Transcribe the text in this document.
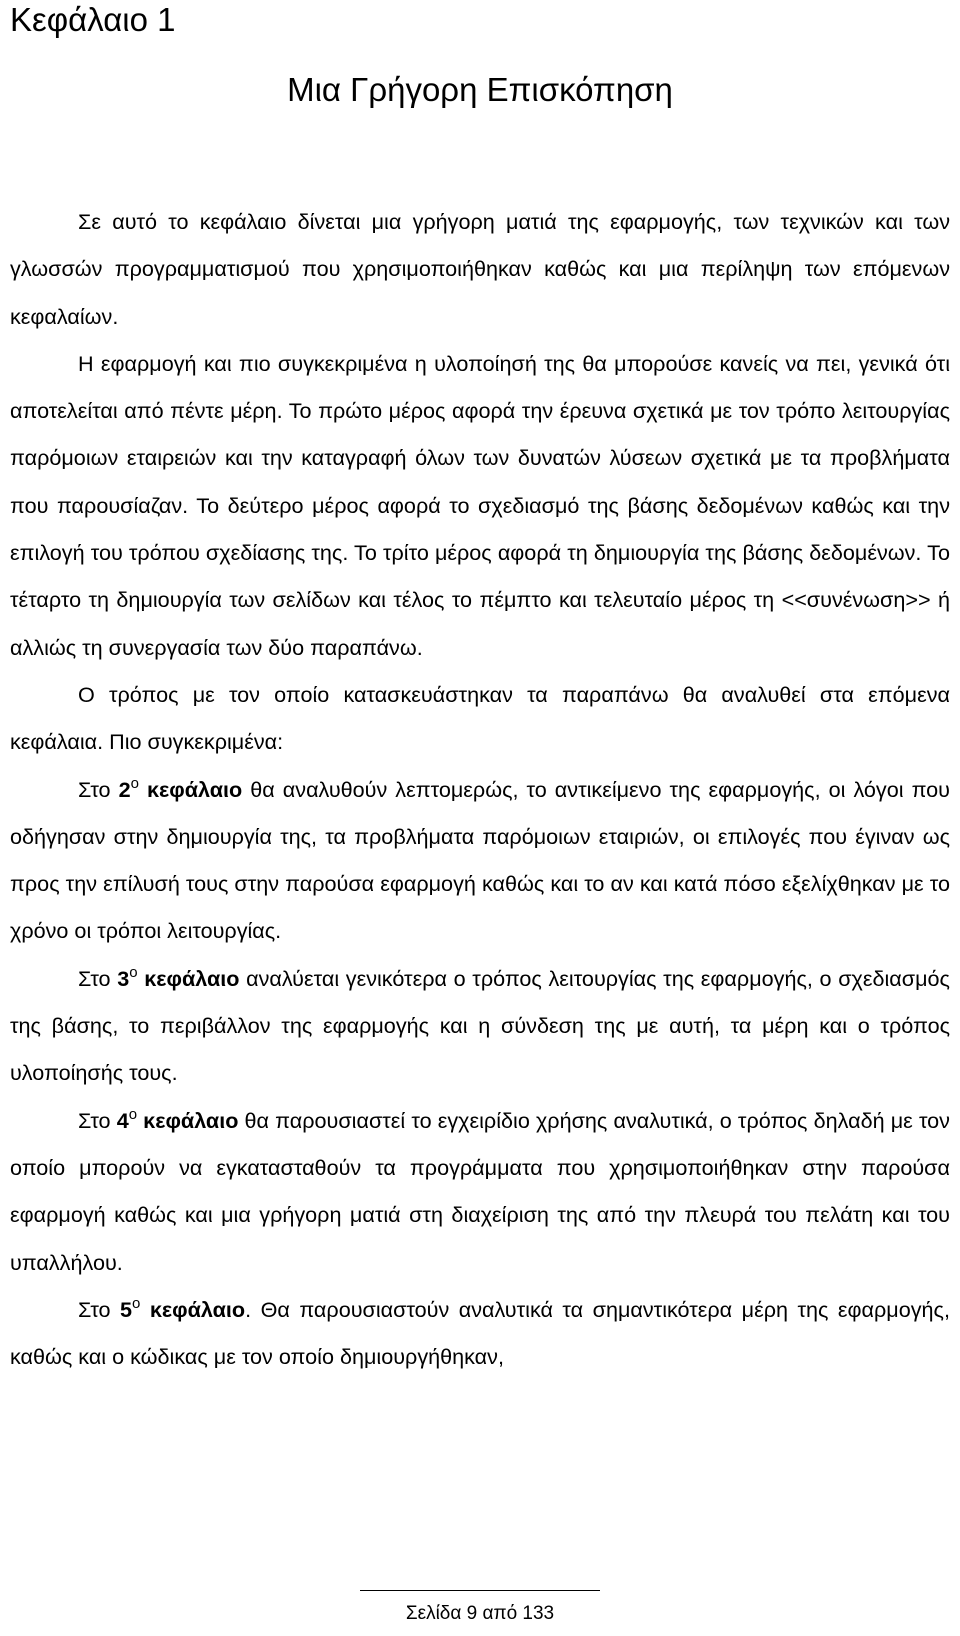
Κεφάλαιο 1
Μια Γρήγορη Επισκόπηση

Σε αυτό το κεφάλαιο δίνεται μια γρήγορη ματιά της εφαρμογής, των τεχνικών και των γλωσσών προγραμματισμού που χρησιμοποιήθηκαν καθώς και μια περίληψη των επόμενων κεφαλαίων.

Η εφαρμογή και πιο συγκεκριμένα η υλοποίησή της θα μπορούσε κανείς να πει, γενικά ότι αποτελείται από πέντε μέρη. Το πρώτο μέρος αφορά την έρευνα σχετικά με τον τρόπο λειτουργίας παρόμοιων εταιρειών και την καταγραφή όλων των δυνατών λύσεων σχετικά με τα προβλήματα που παρουσίαζαν. Το δεύτερο μέρος αφορά το σχεδιασμό της βάσης δεδομένων καθώς και την επιλογή του τρόπου σχεδίασης της. Το τρίτο μέρος αφορά τη δημιουργία της βάσης δεδομένων. Το τέταρτο τη δημιουργία των σελίδων και τέλος το πέμπτο και τελευταίο μέρος τη <<συνένωση>> ή αλλιώς τη συνεργασία των δύο παραπάνω.

Ο τρόπος με τον οποίο κατασκευάστηκαν τα παραπάνω θα αναλυθεί στα επόμενα κεφάλαια. Πιο συγκεκριμένα:

Στο $2^o$ κεφάλαιο θα αναλυθούν λεπτομερώς, το αντικείμενο της εφαρμογής, οι λόγοι που οδήγησαν στην δημιουργία της, τα προβλήματα παρόμοιων εταιριών, οι επιλογές που έγιναν ως προς την επίλυσή τους στην παρούσα εφαρμογή καθώς και το αν και κατά πόσο εξελίχθηκαν με το χρόνο οι τρόποι λειτουργίας.

Στο $3^o$ κεφάλαιο αναλύεται γενικότερα ο τρόπος λειτουργίας της εφαρμογής, ο σχεδιασμός της βάσης, το περιβάλλον της εφαρμογής και η σύνδεση της με αυτή, τα μέρη και ο τρόπος υλοποίησής τους.

Στο $4^o$ κεφάλαιο θα παρουσιαστεί το εγχειρίδιο χρήσης αναλυτικά, ο τρόπος δηλαδή με τον οποίο μπορούν να εγκατασταθούν τα προγράμματα που χρησιμοποιήθηκαν στην παρούσα εφαρμογή καθώς και μια γρήγορη ματιά στη διαχείριση της από την πλευρά του πελάτη και του υπαλλήλου.

Στο $5^o$ κεφάλαιο. Θα παρουσιαστούν αναλυτικά τα σημαντικότερα μέρη της εφαρμογής, καθώς και ο κώδικας με τον οποίο δημιουργήθηκαν,

Σελίδα 9 από 133
